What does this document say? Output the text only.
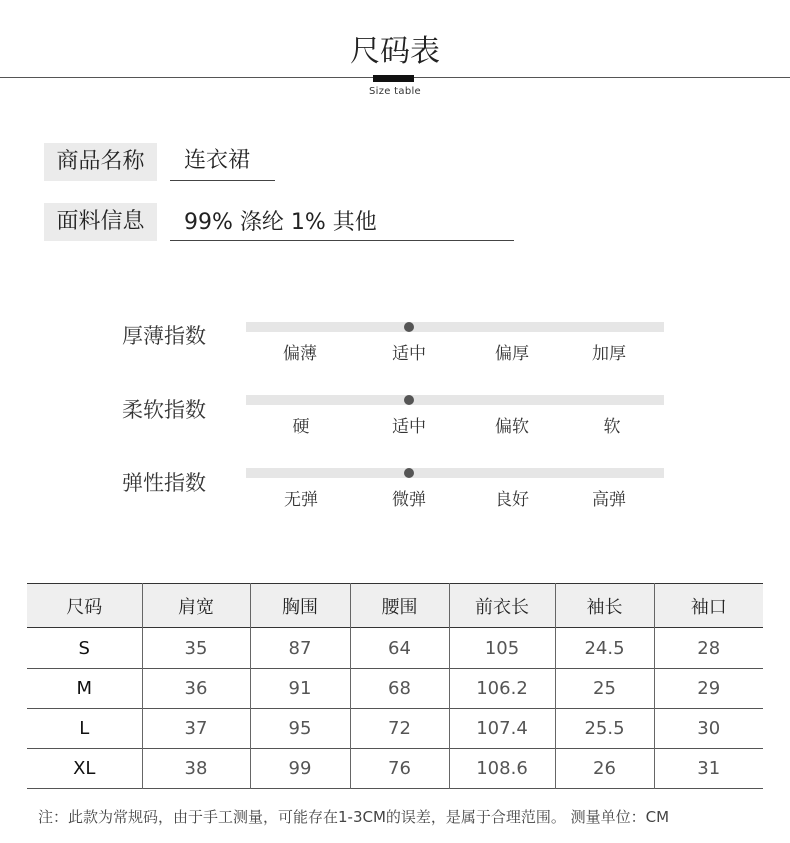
尺码表
Size table
商品名称	连衣裙
面料信息	99% 涤纶 1% 其他
厚薄指数
偏薄	适中	偏厚	加厚
柔软指数
硬	适中	偏软	软
弹性指数
无弹	微弹	良好	高弹
尺码	肩宽	胸围	腰围	前衣长	袖长	袖口
S	35	87	64	105	24.5	28
M	36	91	68	106.2	25	29
L	37	95	72	107.4	25.5	30
XL	38	99	76	108.6	26	31
注：此款为常规码，由于手工测量，可能存在1-3CM的误差，是属于合理范围。 测量单位：CM
